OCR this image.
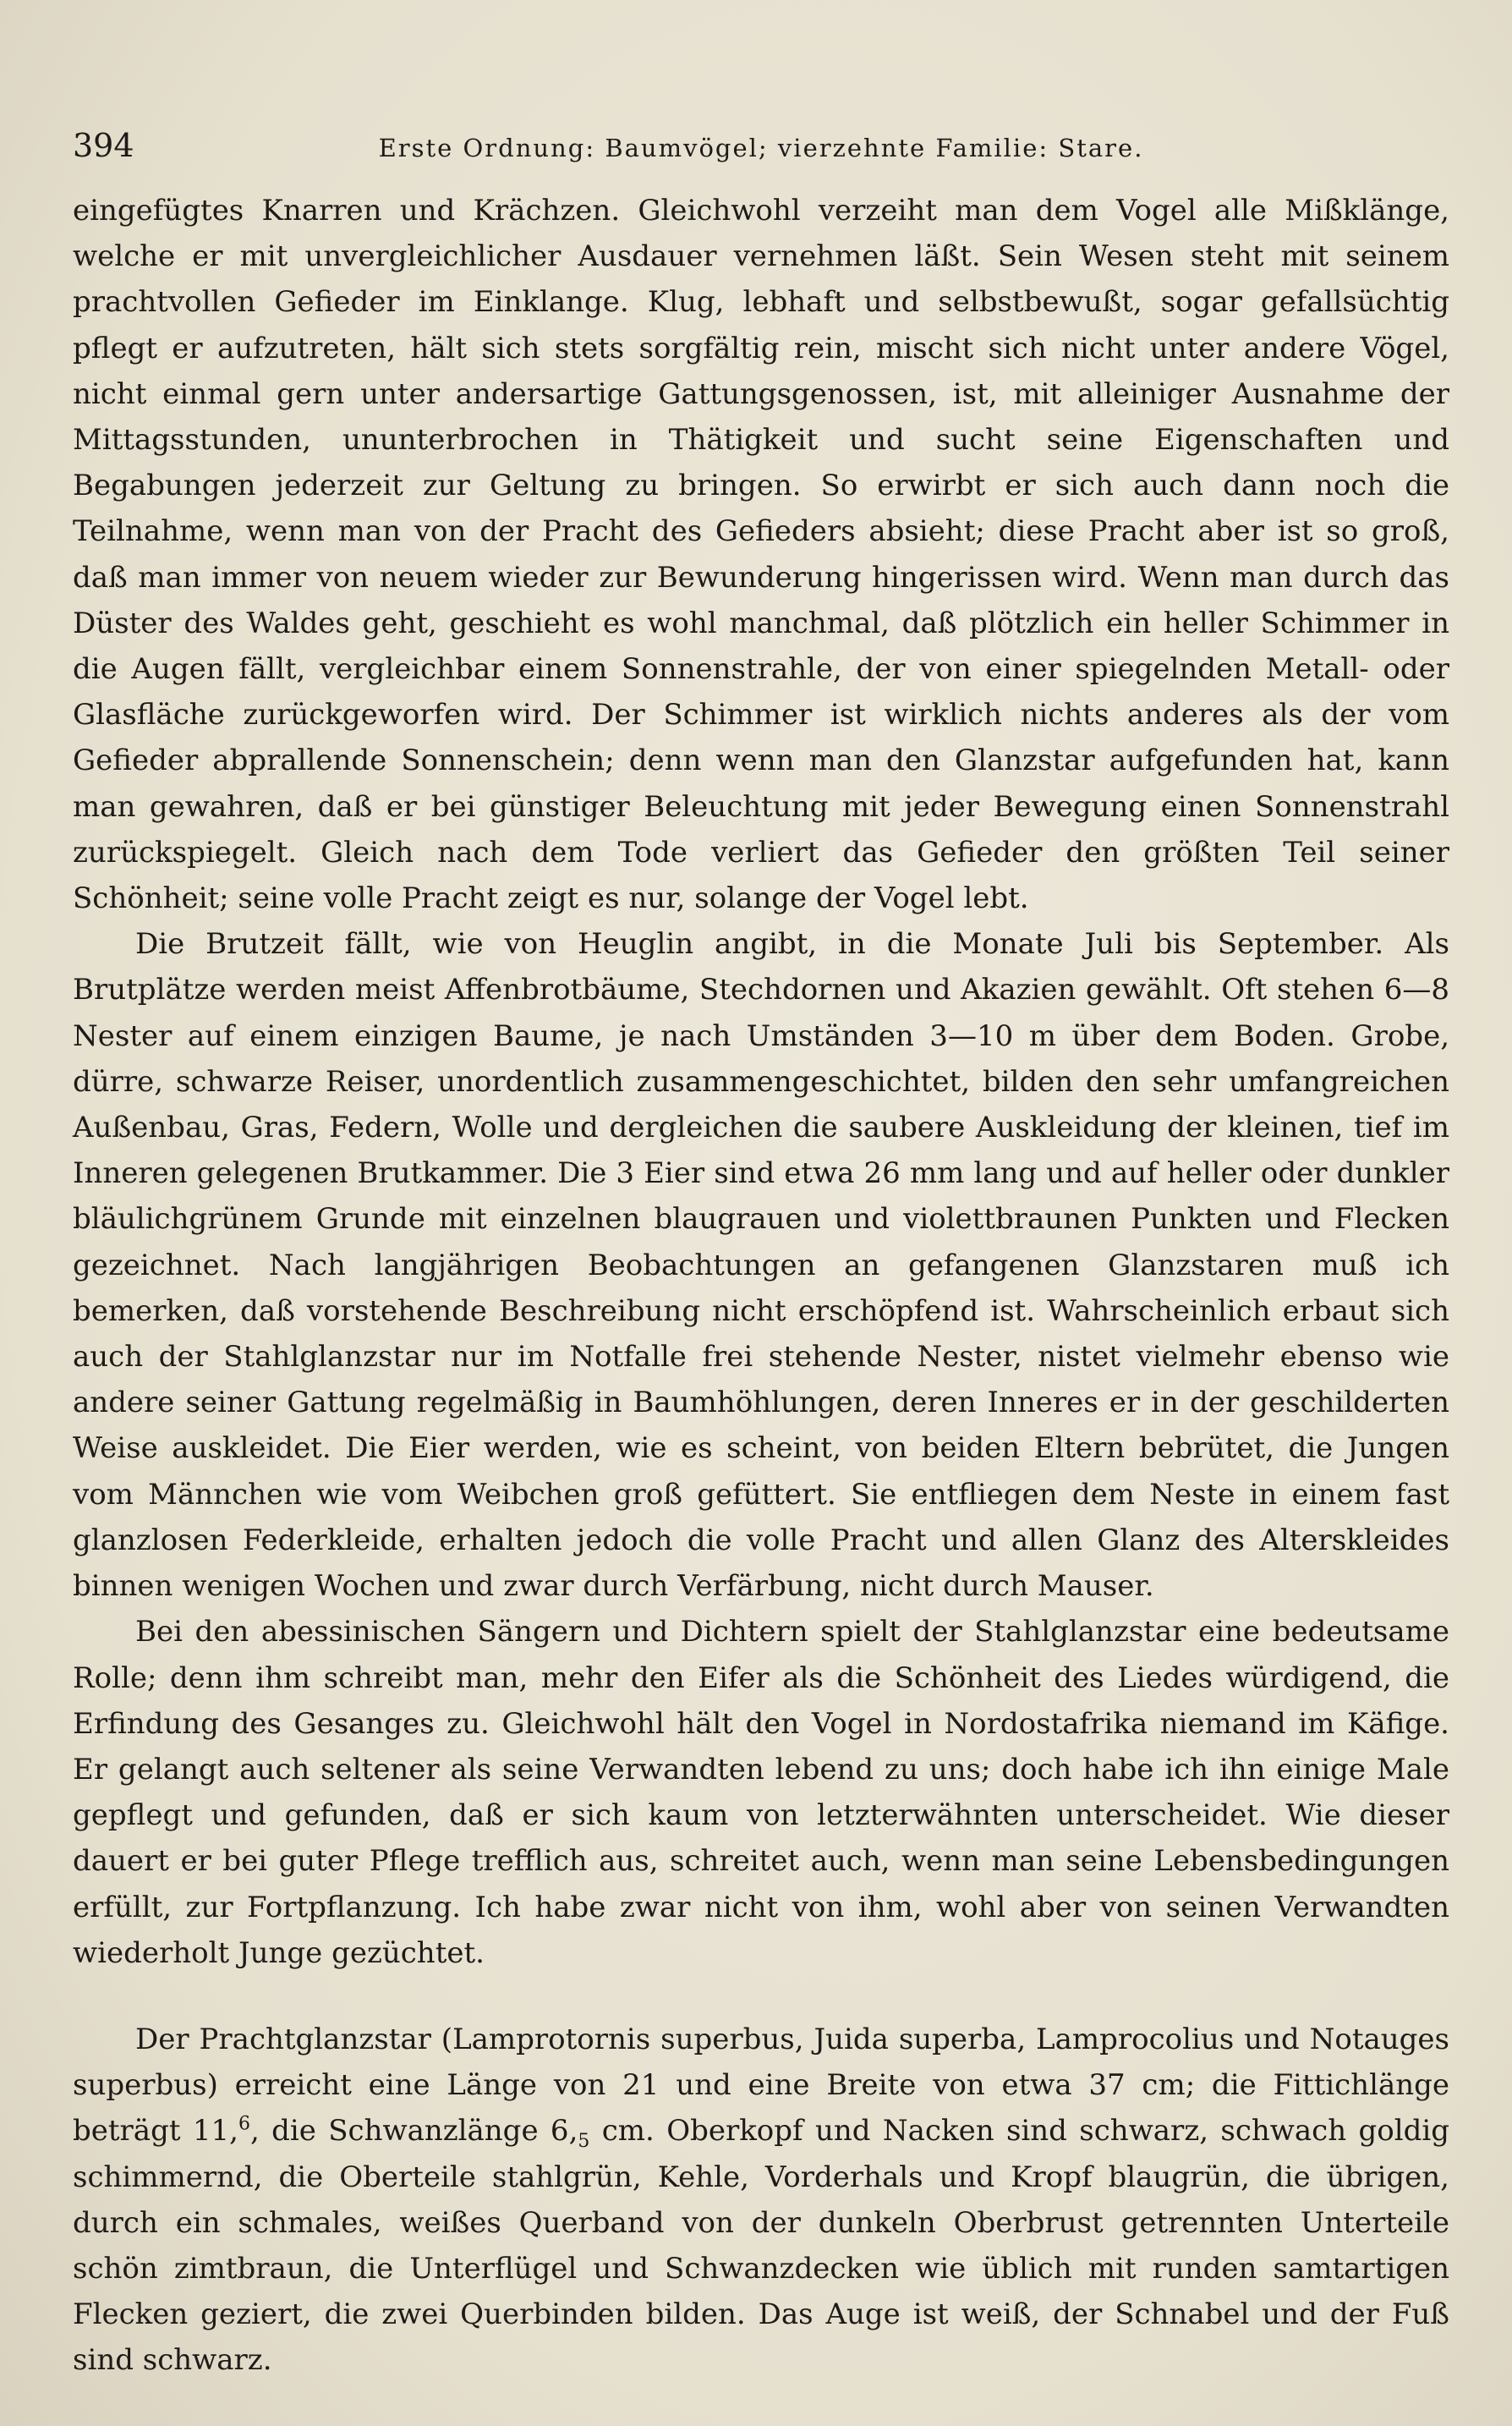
394	Erste Ordnung: Baumvögel; vierzehnte Familie: Stare.

eingefügtes Knarren und Krächzen. Gleichwohl verzeiht man dem Vogel alle Mißklänge, welche er mit unvergleichlicher Ausdauer vernehmen läßt. Sein Wesen steht mit seinem prachtvollen Gefieder im Einklange. Klug, lebhaft und selbstbewußt, sogar gefallsüchtig pflegt er aufzutreten, hält sich stets sorgfältig rein, mischt sich nicht unter andere Vögel, nicht einmal gern unter andersartige Gattungsgenossen, ist, mit alleiniger Ausnahme der Mittagsstunden, ununterbrochen in Thätigkeit und sucht seine Eigenschaften und Begabungen jederzeit zur Geltung zu bringen. So erwirbt er sich auch dann noch die Teilnahme, wenn man von der Pracht des Gefieders absieht; diese Pracht aber ist so groß, daß man immer von neuem wieder zur Bewunderung hingerissen wird. Wenn man durch das Düster des Waldes geht, geschieht es wohl manchmal, daß plötzlich ein heller Schimmer in die Augen fällt, vergleichbar einem Sonnenstrahle, der von einer spiegelnden Metall- oder Glasfläche zurückgeworfen wird. Der Schimmer ist wirklich nichts anderes als der vom Gefieder abprallende Sonnenschein; denn wenn man den Glanzstar aufgefunden hat, kann man gewahren, daß er bei günstiger Beleuchtung mit jeder Bewegung einen Sonnenstrahl zurückspiegelt. Gleich nach dem Tode verliert das Gefieder den größten Teil seiner Schönheit; seine volle Pracht zeigt es nur, solange der Vogel lebt.

Die Brutzeit fällt, wie von Heuglin angibt, in die Monate Juli bis September. Als Brutplätze werden meist Affenbrotbäume, Stechdornen und Akazien gewählt. Oft stehen 6—8 Nester auf einem einzigen Baume, je nach Umständen 3—10 m über dem Boden. Grobe, dürre, schwarze Reiser, unordentlich zusammengeschichtet, bilden den sehr umfangreichen Außenbau, Gras, Federn, Wolle und dergleichen die saubere Auskleidung der kleinen, tief im Inneren gelegenen Brutkammer. Die 3 Eier sind etwa 26 mm lang und auf heller oder dunkler bläulichgrünem Grunde mit einzelnen blaugrauen und violettbraunen Punkten und Flecken gezeichnet. Nach langjährigen Beobachtungen an gefangenen Glanzstaren muß ich bemerken, daß vorstehende Beschreibung nicht erschöpfend ist. Wahrscheinlich erbaut sich auch der Stahlglanzstar nur im Notfalle frei stehende Nester, nistet vielmehr ebenso wie andere seiner Gattung regelmäßig in Baumhöhlungen, deren Inneres er in der geschilderten Weise auskleidet. Die Eier werden, wie es scheint, von beiden Eltern bebrütet, die Jungen vom Männchen wie vom Weibchen groß gefüttert. Sie entfliegen dem Neste in einem fast glanzlosen Federkleide, erhalten jedoch die volle Pracht und allen Glanz des Alterskleides binnen wenigen Wochen und zwar durch Verfärbung, nicht durch Mauser.

Bei den abessinischen Sängern und Dichtern spielt der Stahlglanzstar eine bedeutsame Rolle; denn ihm schreibt man, mehr den Eifer als die Schönheit des Liedes würdigend, die Erfindung des Gesanges zu. Gleichwohl hält den Vogel in Nordostafrika niemand im Käfige. Er gelangt auch seltener als seine Verwandten lebend zu uns; doch habe ich ihn einige Male gepflegt und gefunden, daß er sich kaum von letzterwähnten unterscheidet. Wie dieser dauert er bei guter Pflege trefflich aus, schreitet auch, wenn man seine Lebensbedingungen erfüllt, zur Fortpflanzung. Ich habe zwar nicht von ihm, wohl aber von seinen Verwandten wiederholt Junge gezüchtet.

Der Prachtglanzstar (Lamprotornis superbus, Juida superba, Lamprocolius und Notauges superbus) erreicht eine Länge von 21 und eine Breite von etwa 37 cm; die Fittichlänge beträgt 11,$^6$, die Schwanzlänge $6,_5$ cm. Oberkopf und Nacken sind schwarz, schwach goldig schimmernd, die Oberteile stahlgrün, Kehle, Vorderhals und Kropf blaugrün, die übrigen, durch ein schmales, weißes Querband von der dunkeln Oberbrust getrennten Unterteile schön zimtbraun, die Unterflügel und Schwanzdecken wie üblich mit runden samtartigen Flecken geziert, die zwei Querbinden bilden. Das Auge ist weiß, der Schnabel und der Fuß sind schwarz.
